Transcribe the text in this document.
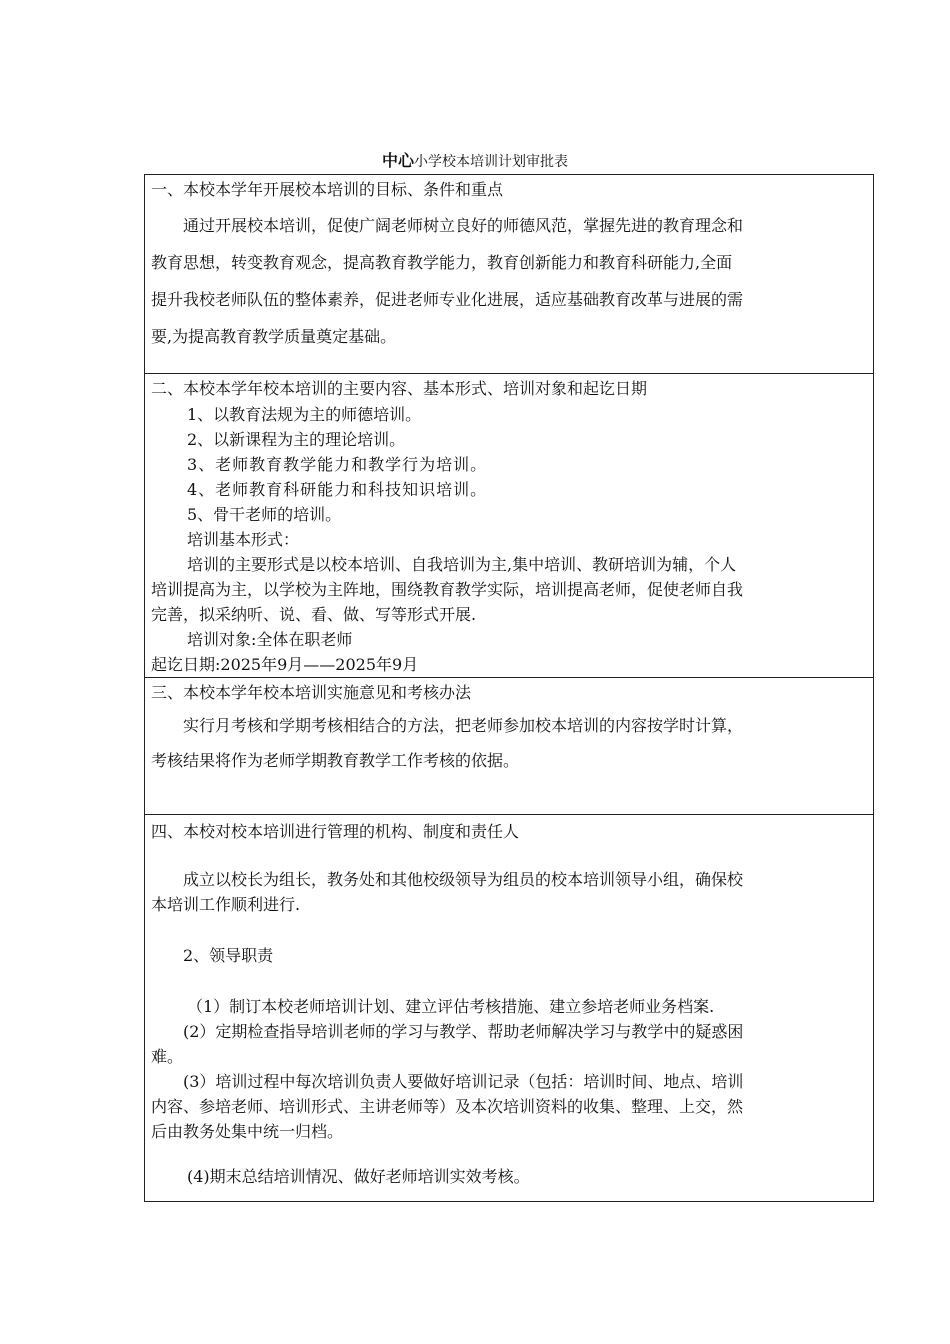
中心小学校本培训计划审批表

一、本校本学年开展校本培训的目标、条件和重点

通过开展校本培训，促使广阔老师树立良好的师德风范，掌握先进的教育理念和

教育思想，转变教育观念，提高教育教学能力，教育创新能力和教育科研能力,全面

提升我校老师队伍的整体素养，促进老师专业化进展，适应基础教育改革与进展的需

要,为提高教育教学质量奠定基础。

二、本校本学年校本培训的主要内容、基本形式、培训对象和起讫日期

1、以教育法规为主的师德培训。

2、以新课程为主的理论培训。

3、老师教育教学能力和教学行为培训。

4、老师教育科研能力和科技知识培训。

5、骨干老师的培训。

培训基本形式：

培训的主要形式是以校本培训、自我培训为主,集中培训、教研培训为辅，个人

培训提高为主，以学校为主阵地，围绕教育教学实际，培训提高老师，促使老师自我

完善，拟采纳听、说、看、做、写等形式开展.

培训对象:全体在职老师

起讫日期:2025年9月——2025年9月

三、本校本学年校本培训实施意见和考核办法

实行月考核和学期考核相结合的方法，把老师参加校本培训的内容按学时计算，

考核结果将作为老师学期教育教学工作考核的依据。

四、本校对校本培训进行管理的机构、制度和责任人

成立以校长为组长，教务处和其他校级领导为组员的校本培训领导小组，确保校

本培训工作顺利进行.

2、领导职责

（1）制订本校老师培训计划、建立评估考核措施、建立参培老师业务档案.

(2）定期检查指导培训老师的学习与教学、帮助老师解决学习与教学中的疑惑困

难。

(3）培训过程中每次培训负责人要做好培训记录（包括：培训时间、地点、培训

内容、参培老师、培训形式、主讲老师等）及本次培训资料的收集、整理、上交，然

后由教务处集中统一归档。

(4)期末总结培训情况、做好老师培训实效考核。
